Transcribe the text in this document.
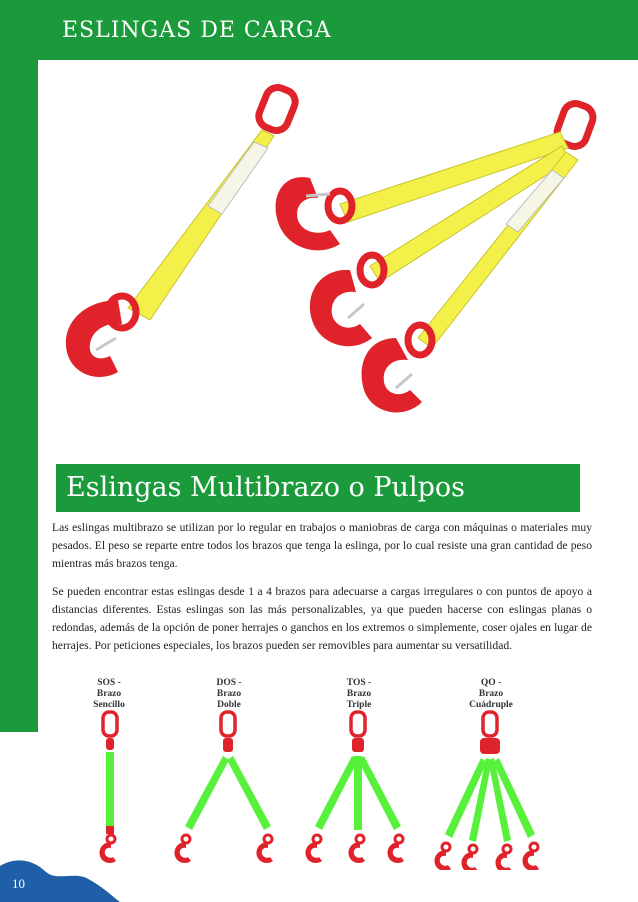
ESLINGAS DE CARGA
Eslingas Multibrazo o Pulpos

Las eslingas multibrazo se utilizan por lo regular en trabajos o maniobras de carga con máquinas o materiales muy pesados. El peso se reparte entre todos los brazos que tenga la eslinga, por lo cual resiste una gran cantidad de peso mientras más brazos tenga.

Se pueden encontrar estas eslingas desde 1 a 4 brazos para adecuarse a cargas irregulares o con puntos de apoyo a distancias diferentes. Estas eslingas son las más personalizables, ya que pueden hacerse con eslingas planas o redondas, además de la opción de poner herrajes o ganchos en los extremos o simplemente, coser ojales en lugar de herrajes. Por peticiones especiales, los brazos pueden ser removibles para aumentar su versatilidad.

SOS -
Brazo
Sencillo
DOS -
Brazo
Doble
TOS -
Brazo
Triple
QO -
Brazo
Cuádruple
10
